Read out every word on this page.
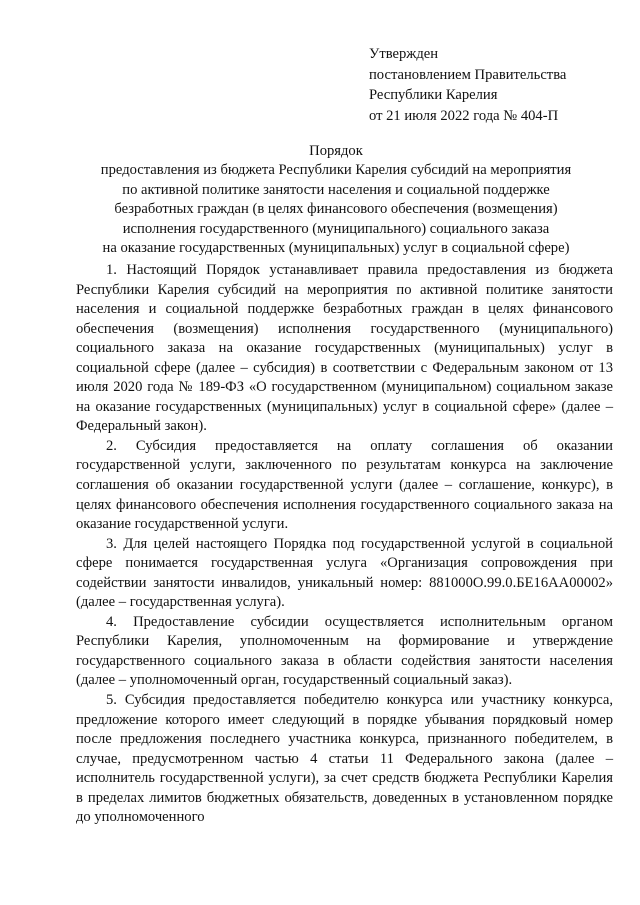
Утвержден
постановлением Правительства
Республики Карелия
от 21 июля 2022 года № 404-П
Порядок
предоставления из бюджета Республики Карелия субсидий на мероприятия
по активной политике занятости населения и социальной поддержке
безработных граждан (в целях финансового обеспечения (возмещения)
исполнения государственного (муниципального) социального заказа
на оказание государственных (муниципальных) услуг в социальной сфере)

1. Настоящий Порядок устанавливает правила предоставления из бюджета Республики Карелия субсидий на мероприятия по активной политике занятости населения и социальной поддержке безработных граждан в целях финансового обеспечения (возмещения) исполнения государственного (муниципального) социального заказа на оказание государственных (муниципальных) услуг в социальной сфере (далее – субсидия) в соответствии с Федеральным законом от 13 июля 2020 года № 189-ФЗ «О государственном (муниципальном) социальном заказе на оказание государственных (муниципальных) услуг в социальной сфере» (далее – Федеральный закон).

2. Субсидия предоставляется на оплату соглашения об оказании государственной услуги, заключенного по результатам конкурса на заключение соглашения об оказании государственной услуги (далее – соглашение, конкурс), в целях финансового обеспечения исполнения государственного социального заказа на оказание государственной услуги.

3. Для целей настоящего Порядка под государственной услугой в социальной сфере понимается государственная услуга «Организация сопровождения при содействии занятости инвалидов, уникальный номер: 881000О.99.0.БЕ16АА00002» (далее – государственная услуга).

4. Предоставление субсидии осуществляется исполнительным органом Республики Карелия, уполномоченным на формирование и утверждение государственного социального заказа в области содействия занятости населения (далее – уполномоченный орган, государственный социальный заказ).

5. Субсидия предоставляется победителю конкурса или участнику конкурса, предложение которого имеет следующий в порядке убывания порядковый номер после предложения последнего участника конкурса, признанного победителем, в случае, предусмотренном частью 4 статьи 11 Федерального закона (далее – исполнитель государственной услуги), за счет средств бюджета Республики Карелия в пределах лимитов бюджетных обязательств, доведенных в установленном порядке до уполномоченного
